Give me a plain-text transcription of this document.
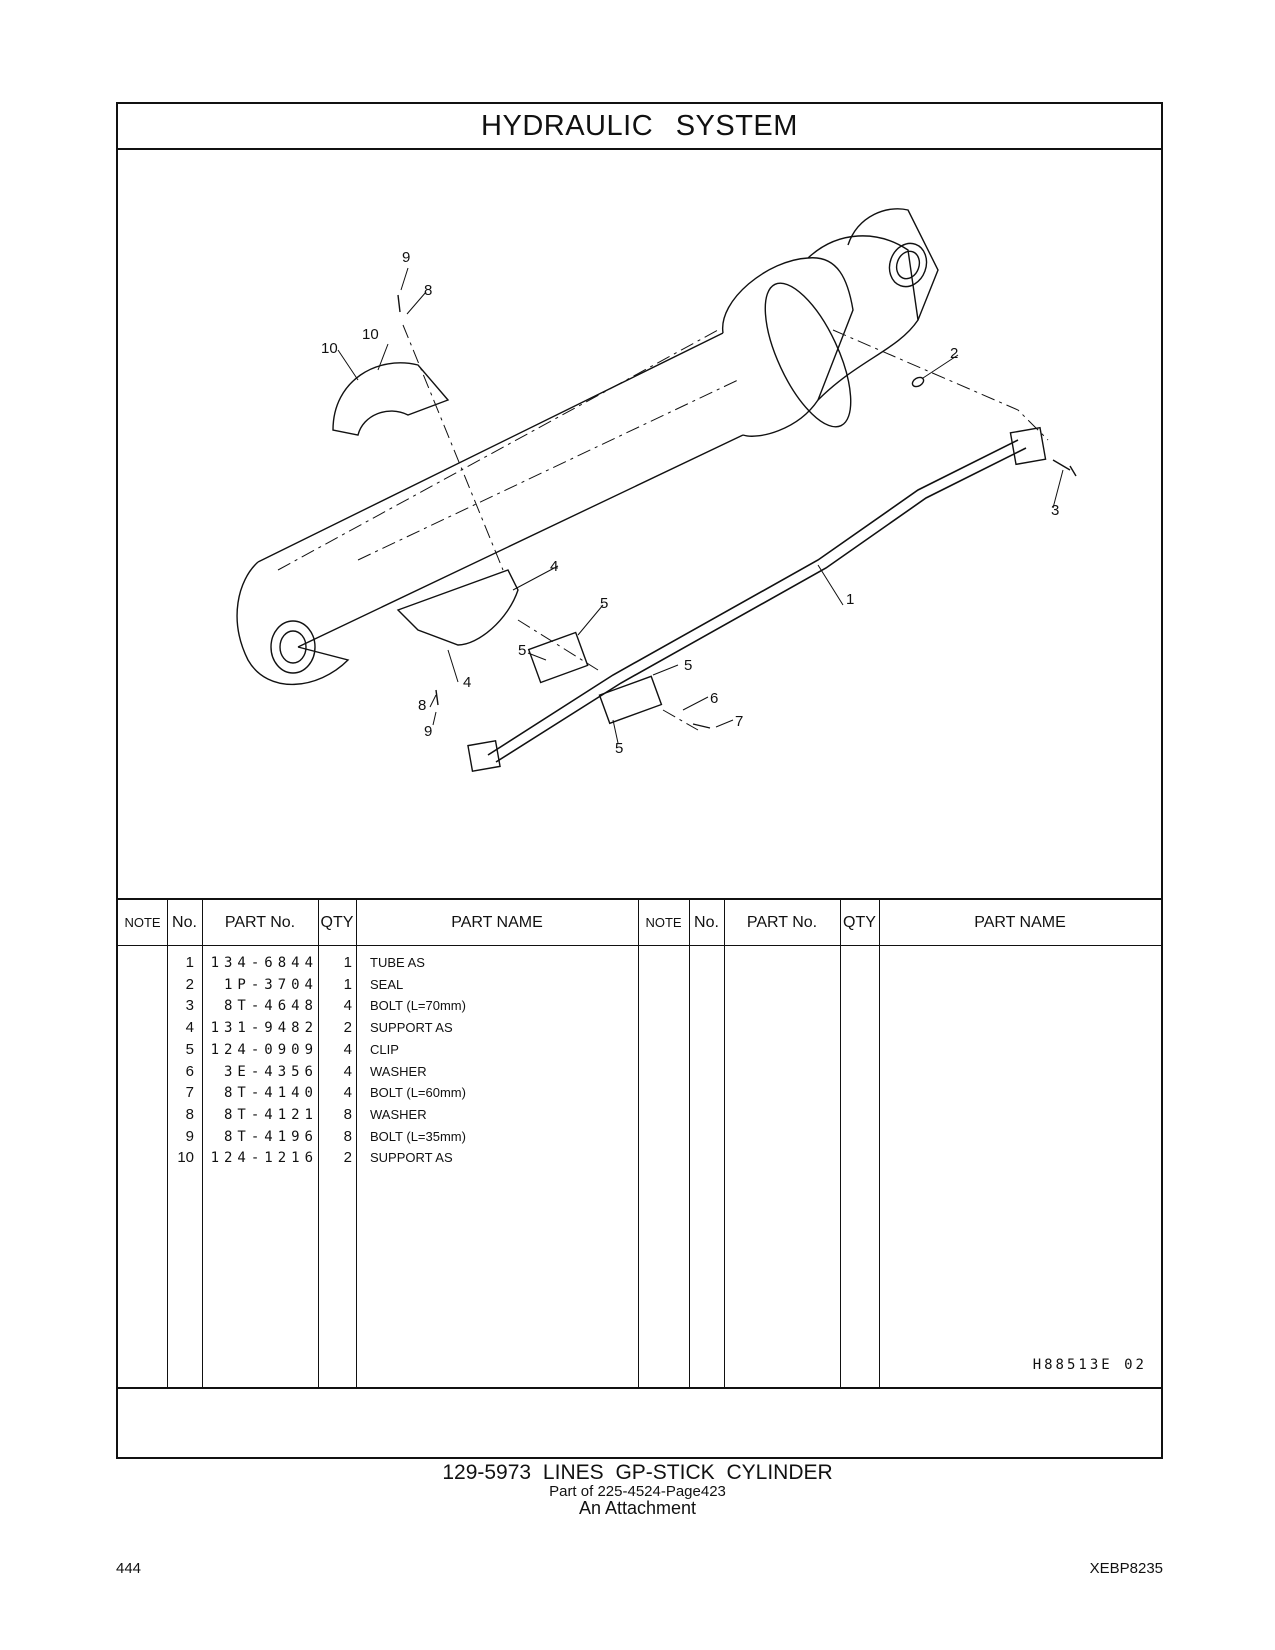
HYDRAULIC SYSTEM
9
8
10
10	2
3
4
5	1
5
5
4
8
9
6
7
5
NOTE No.	PART No.	QTY	PART NAME	NOTE No.	PART No.	QTY	PART NAME
1 134-6844	1 TUBE AS
2	1P-3704	1 SEAL
3	8T-4648	4 BOLT (L=70mm)
4 131-9482	2 SUPPORT AS
5 124-0909	4 CLIP
6	3E-4356	4 WASHER
7	8T-4140	4 BOLT (L=60mm)
8	8T-4121	8 WASHER
9	8T-4196	8 BOLT (L=35mm)
10 124-1216	2 SUPPORT AS
H88513E 02
129-5973 LINES GP-STICK CYLINDER
Part of 225-4524-Page423
An Attachment
444	XEBP8235
